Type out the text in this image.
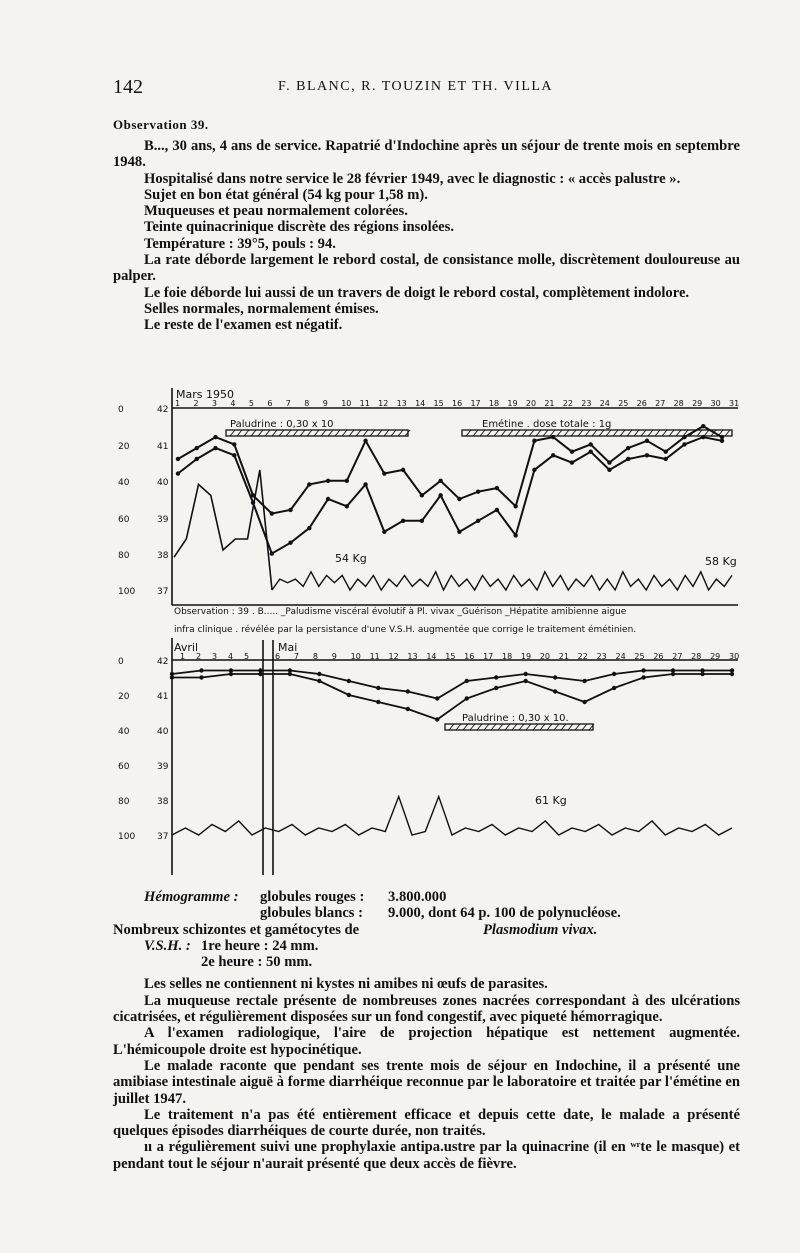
142	F. BLANC, R. TOUZIN ET TH. VILLA
Observation 39.

B..., 30 ans, 4 ans de service. Rapatrié d'Indochine après un séjour de trente mois en septembre 1948.

Hospitalisé dans notre service le 28 février 1949, avec le diagnostic : « accès palustre ».

Sujet en bon état général (54 kg pour 1,58 m).

Muqueuses et peau normalement colorées.

Teinte quinacrinique discrète des régions insolées.

Température : 39°5, pouls : 94.

La rate déborde largement le rebord costal, de consistance molle, discrètement douloureuse au palper.

Le foie déborde lui aussi de un travers de doigt le rebord costal, complètement indolore.

Selles normales, normalement émises.

Le reste de l'examen est négatif.

0
20
40
60
80
100
42
41
40
39
38
37
Mars 1950
1 2 3 4 5 6 7 8 9 10 11 12 13 14 15 16 17 18 19 20 21 22 23 24 25 26 27 28 29 30 31
0
20
40
60
80
100
42
41
40
39
38
37
Avril	Mai
1 2 3 4 5	6 7 8 9 10 11 12 13 14 15 16 17 18 19 20 21 22 23 24 25 26 27 28 29 30
Paludrine : 0,30 x 10	Emétine . dose totale : 1g
Paludrine : 0,30 x 10.
54 Kg	58 Kg
61 Kg
Observation : 39 . B..... _Paludisme viscéral évolutif à Pl. vivax _Guérison _Hépatite amibienne aigue
infra clinique . révélée par la persistance d'une V.S.H. augmentée que corrige le traitement émétinien.
Hémogramme : globules rouges : 3.800.000
globules blancs : 9.000, dont 64 p. 100 de polynucléose.
Nombreux schizontes et gamétocytes de	Plasmodium vivax.
V.S.H. : 1re heure : 24 mm.
2e heure : 50 mm.

Les selles ne contiennent ni kystes ni amibes ni œufs de parasites.

La muqueuse rectale présente de nombreuses zones nacrées correspondant à des ulcérations cicatrisées, et régulièrement disposées sur un fond congestif, avec piqueté hémorragique.

A l'examen radiologique, l'aire de projection hépatique est nettement augmentée. L'hémicoupole droite est hypocinétique.

Le malade raconte que pendant ses trente mois de séjour en Indochine, il a présenté une amibiase intestinale aiguë à forme diarrhéique reconnue par le laboratoire et traitée par l'émétine en juillet 1947.

Le traitement n'a pas été entièrement efficace et depuis cette date, le malade a présenté quelques épisodes diarrhéiques de courte durée, non traités.

ıı a régulièrement suivi une prophylaxie antipa.ustre par la quinacrine (il en ʷʳte le masque) et pendant tout le séjour n'aurait présenté que deux accès de fièvre.
